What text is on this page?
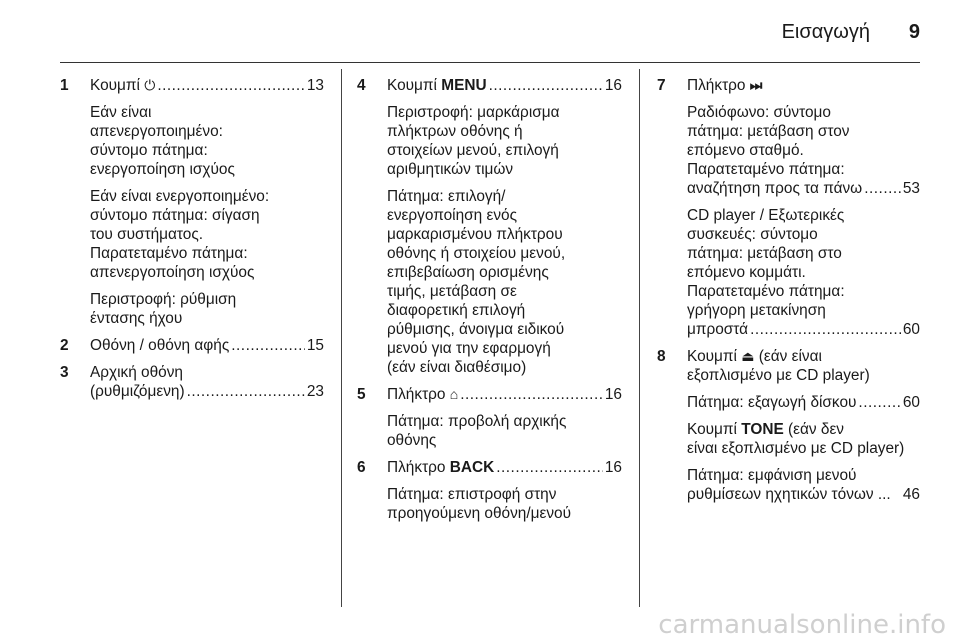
Εισαγωγή 9
1 Κουμπί ⏻ .....	13

Εάν είναι
απενεργοποιημένο:
σύντομο πάτημα:
ενεργοποίηση ισχύος

Εάν είναι ενεργοποιημένο:
σύντομο πάτημα: σίγαση
του συστήματος.
Παρατεταμένο πάτημα:
απενεργοποίηση ισχύος

Περιστροφή: ρύθμιση
έντασης ήχου

2 Οθόνη / οθόνη αφής .....	15
3 Αρχική οθόνη
(ρυθμιζόμενη) .....	23
4 Κουμπί MENU .....	16

Περιστροφή: μαρκάρισμα
πλήκτρων οθόνης ή
στοιχείων μενού, επιλογή
αριθμητικών τιμών

Πάτημα: επιλογή/
ενεργοποίηση ενός
μαρκαρισμένου πλήκτρου
οθόνης ή στοιχείου μενού,
επιβεβαίωση ορισμένης
τιμής, μετάβαση σε
διαφορετική επιλογή
ρύθμισης, άνοιγμα ειδικού
μενού για την εφαρμογή
(εάν είναι διαθέσιμο)

5 Πλήκτρο ⌂ .....	16

Πάτημα: προβολή αρχικής
οθόνης

6 Πλήκτρο BACK .....	16

Πάτημα: επιστροφή στην
προηγούμενη οθόνη/μενού

7 Πλήκτρο ⏭
Ραδιόφωνο: σύντομο
πάτημα: μετάβαση στον
επόμενο σταθμό.
Παρατεταμένο πάτημα:
αναζήτηση προς τα πάνω .....	53
CD player / Εξωτερικές
συσκευές: σύντομο
πάτημα: μετάβαση στο
επόμενο κομμάτι.
Παρατεταμένο πάτημα:
γρήγορη μετακίνηση
μπροστά .....	60
8 Κουμπί ⏏ (εάν είναι
εξοπλισμένο με CD player)
Πάτημα: εξαγωγή δίσκου .....	60
Κουμπί TONE (εάν δεν
είναι εξοπλισμένο με CD player)
Πάτημα: εμφάνιση μενού
ρυθμίσεων ηχητικών τόνων ... 46
carmanualsonline.info
